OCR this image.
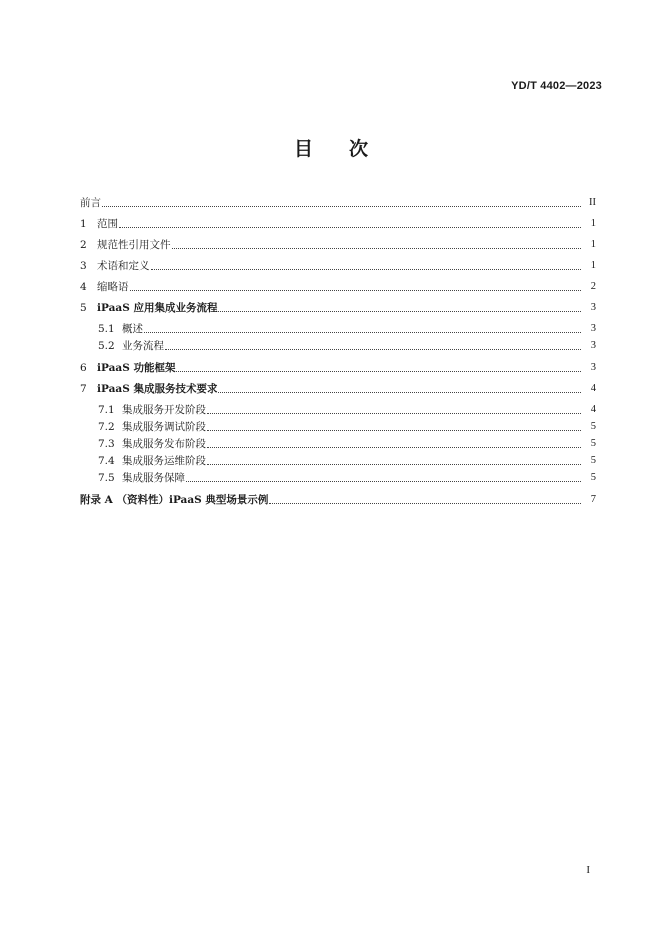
YD/T 4402—2023
目 次
前言	II
1 范围	1
2 规范性引用文件	1
3 术语和定义	1
4 缩略语	2
5 iPaaS 应用集成业务流程	3
5.1 概述	3
5.2 业务流程	3
6 iPaaS 功能框架	3
7 iPaaS 集成服务技术要求	4
7.1 集成服务开发阶段	4
7.2 集成服务调试阶段	5
7.3 集成服务发布阶段	5
7.4 集成服务运维阶段	5
7.5 集成服务保障	5
附录 A （资料性）iPaaS 典型场景示例	7
I
